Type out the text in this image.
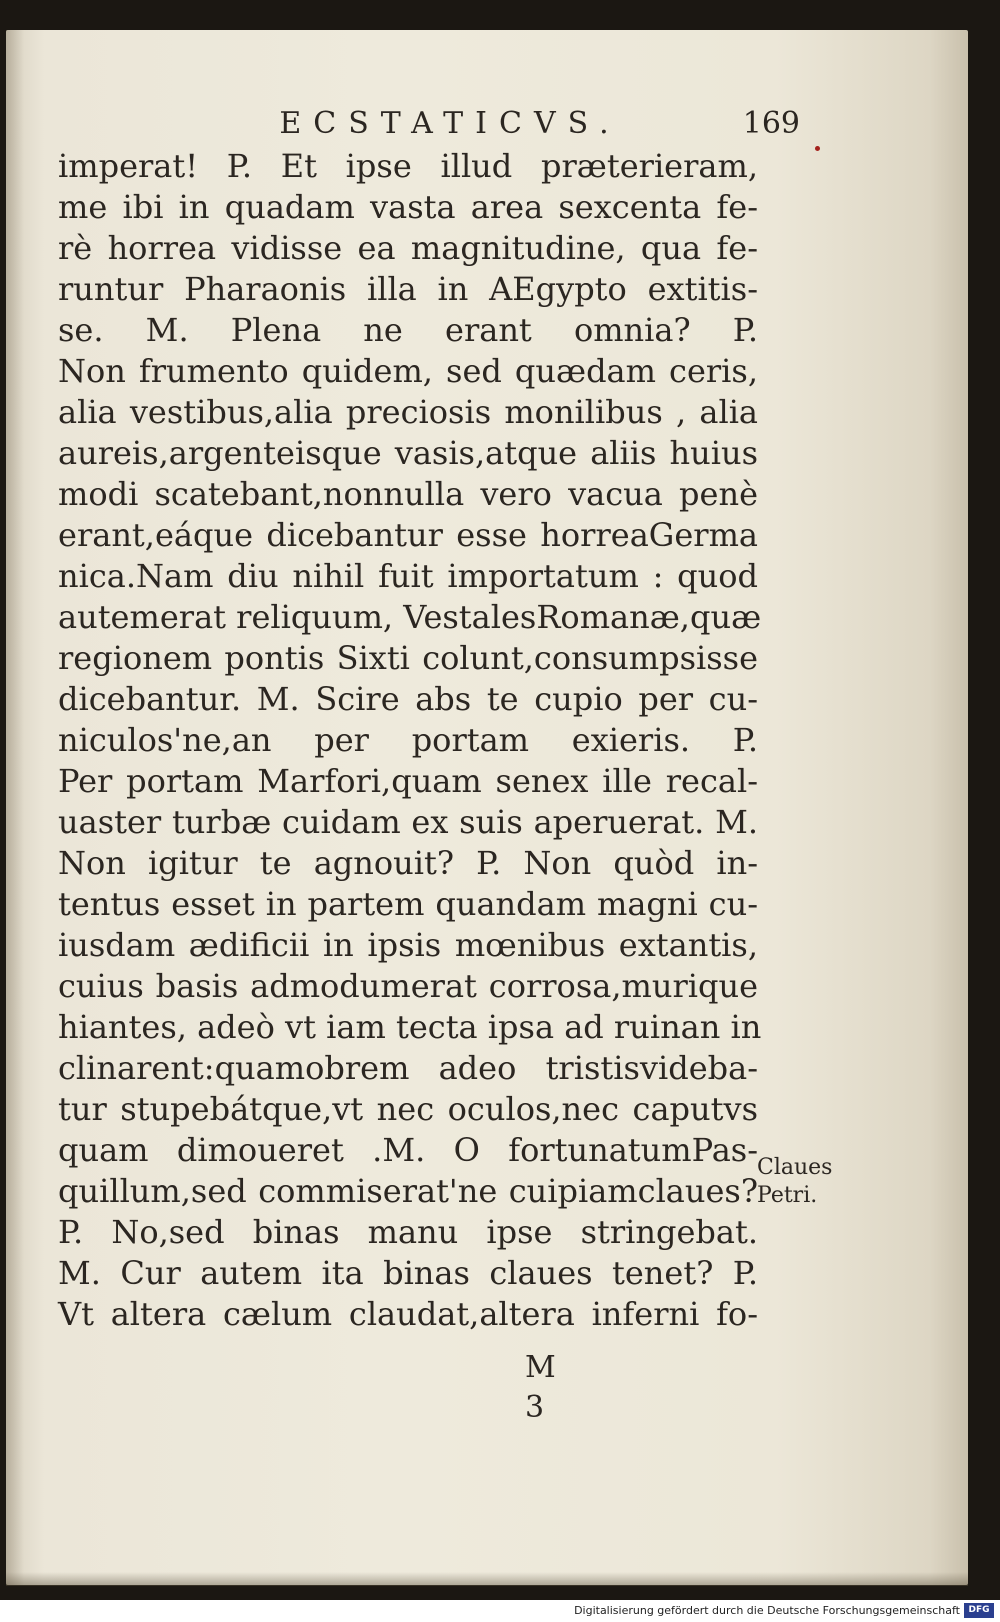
ECSTATICVS.	169
imperat! P. Et ipse illud præterieram,
me ibi in quadam vasta area sexcenta fe-
rè horrea vidisse ea magnitudine, qua fe-
runtur Pharaonis illa in AEgypto extitis-
se. M. Plena ne erant omnia? P.
Non frumento quidem, sed quædam ceris,
alia vestibus,alia preciosis monilibus , alia
aureis,argenteisque vasis,atque aliis huius
modi scatebant,nonnulla vero vacua penè
erant,eáque dicebantur esse horreaGerma
nica.Nam diu nihil fuit importatum : quod
autemerat reliquum, VestalesRomanæ,quæ
regionem pontis Sixti colunt,consumpsisse
dicebantur. M. Scire abs te cupio per cu-
niculos'ne,an per portam exieris. P.
Per portam Marfori,quam senex ille recal-
uaster turbæ cuidam ex suis aperuerat. M.
Non igitur te agnouit? P. Non quòd in-
tentus esset in partem quandam magni cu-
iusdam ædificii in ipsis mœnibus extantis,
cuius basis admodumerat corrosa,murique
hiantes, adeò vt iam tecta ipsa ad ruinan in
clinarent:quamobrem adeo tristisvideba-
tur stupebátque,vt nec oculos,nec caputvs
quam dimoueret .M. O fortunatumPas-
quillum,sed commiserat'ne cuipiamclaues?
P. No,sed binas manu ipse stringebat.
M. Cur autem ita binas claues tenet? P.
Vt altera cælum claudat,altera inferni fo-
Claues
Petri.
M 3
Digitalisierung gefördert durch die Deutsche Forschungsgemeinschaft DFG
